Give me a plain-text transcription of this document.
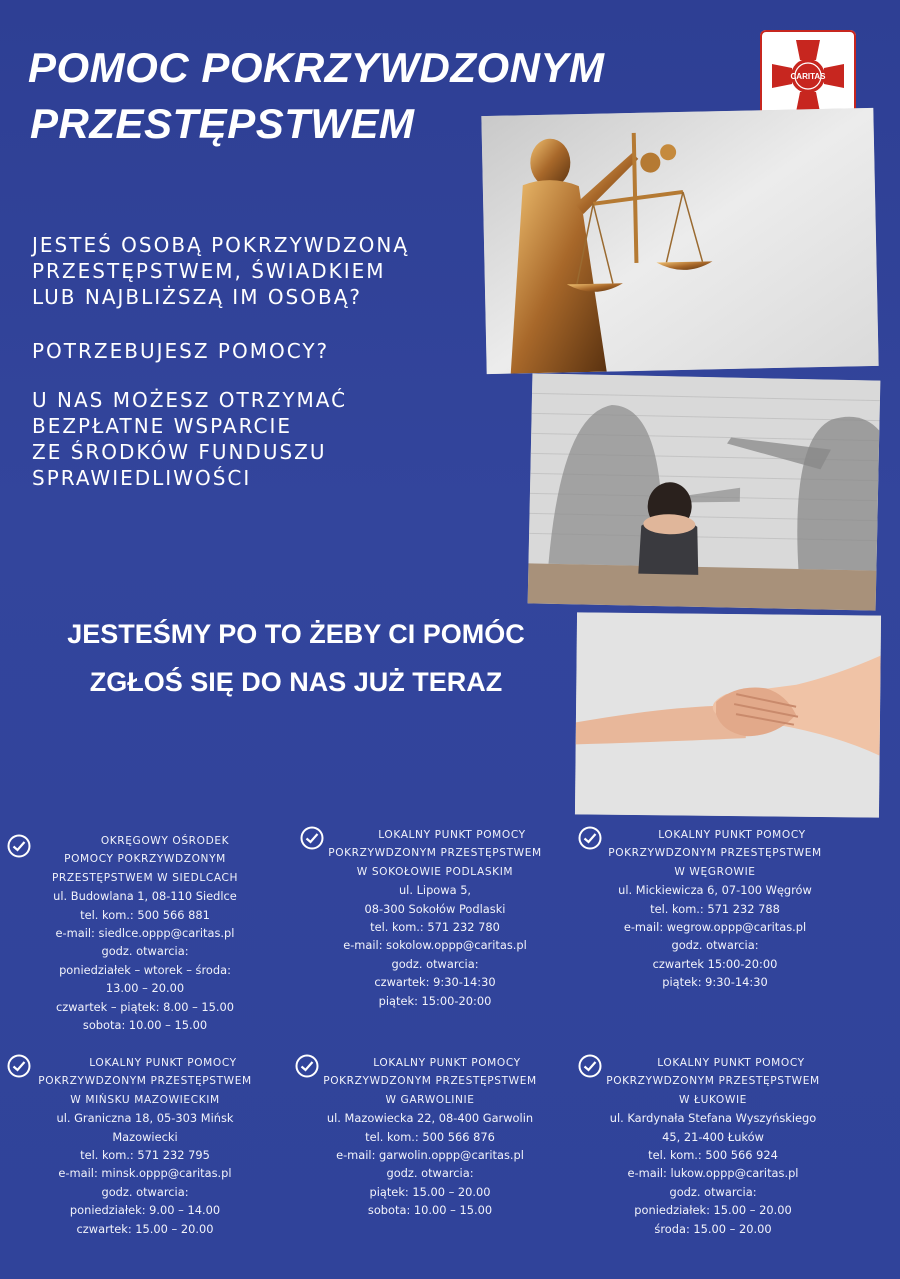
POMOC POKRZYWDZONYM
PRZESTĘPSTWEM
CARITAS
JESTEŚ OSOBĄ POKRZYWDZONĄ
PRZESTĘPSTWEM, ŚWIADKIEM
LUB NAJBLIŻSZĄ IM OSOBĄ?
POTRZEBUJESZ POMOCY?
U NAS MOŻESZ OTRZYMAĆ
BEZPŁATNE WSPARCIE
ZE ŚRODKÓW FUNDUSZU
SPRAWIEDLIWOŚCI
JESTEŚMY PO TO ŻEBY CI POMÓC
ZGŁOŚ SIĘ DO NAS JUŻ TERAZ
OKRĘGOWY OŚRODEK
POMOCY POKRZYWDZONYM
PRZESTĘPSTWEM W SIEDLCACH
ul. Budowlana 1, 08-110 Siedlce
tel. kom.: 500 566 881
e-mail: siedlce.oppp@caritas.pl
godz. otwarcia:
poniedziałek – wtorek – środa:
13.00 – 20.00
czwartek – piątek: 8.00 – 15.00
sobota: 10.00 – 15.00
LOKALNY PUNKT POMOCY
POKRZYWDZONYM PRZESTĘPSTWEM
W SOKOŁOWIE PODLASKIM
ul. Lipowa 5,
08-300 Sokołów Podlaski
tel. kom.: 571 232 780
e-mail: sokolow.oppp@caritas.pl
godz. otwarcia:
czwartek: 9:30-14:30
piątek: 15:00-20:00
LOKALNY PUNKT POMOCY
POKRZYWDZONYM PRZESTĘPSTWEM
W WĘGROWIE
ul. Mickiewicza 6, 07-100 Węgrów
tel. kom.: 571 232 788
e-mail: wegrow.oppp@caritas.pl
godz. otwarcia:
czwartek 15:00-20:00
piątek: 9:30-14:30
LOKALNY PUNKT POMOCY
POKRZYWDZONYM PRZESTĘPSTWEM
W MIŃSKU MAZOWIECKIM
ul. Graniczna 18, 05-303 Mińsk
Mazowiecki
tel. kom.: 571 232 795
e-mail: minsk.oppp@caritas.pl
godz. otwarcia:
poniedziałek: 9.00 – 14.00
czwartek: 15.00 – 20.00
LOKALNY PUNKT POMOCY
POKRZYWDZONYM PRZESTĘPSTWEM
W GARWOLINIE
ul. Mazowiecka 22, 08-400 Garwolin
tel. kom.: 500 566 876
e-mail: garwolin.oppp@caritas.pl
godz. otwarcia:
piątek: 15.00 – 20.00
sobota: 10.00 – 15.00
LOKALNY PUNKT POMOCY
POKRZYWDZONYM PRZESTĘPSTWEM
W ŁUKOWIE
ul. Kardynała Stefana Wyszyńskiego
45, 21-400 Łuków
tel. kom.: 500 566 924
e-mail: lukow.oppp@caritas.pl
godz. otwarcia:
poniedziałek: 15.00 – 20.00
środa: 15.00 – 20.00
